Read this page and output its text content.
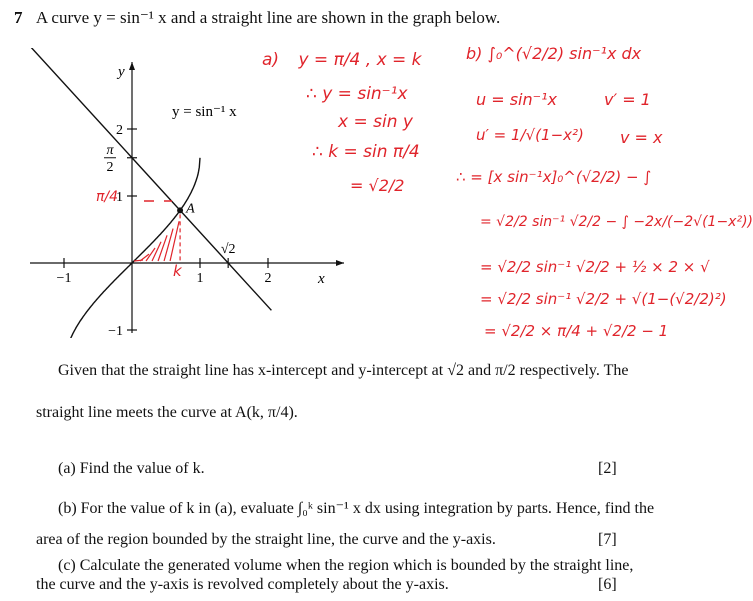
7 A curve y = sin⁻¹ x and a straight line are shown in the graph below.
2
π
2
1
−1
−1	1
√2
2
A
y = sin⁻¹ x
x
y
π/4
k
a) y = π/4 , x = k
∴ y = sin⁻¹x
x = sin y
∴ k = sin π/4
= √2/2
b) ∫₀^(√2/2) sin⁻¹x dx
u = sin⁻¹x	v′ = 1
u′ = 1/√(1−x²) v = x
∴ = [x sin⁻¹x]₀^(√2/2) − ∫
= √2/2 sin⁻¹ √2/2 − ∫ −2x/(−2√(1−x²))
= √2/2 sin⁻¹ √2/2 + ½ × 2 × √
= √2/2 sin⁻¹ √2/2 + √(1−(√2/2)²)
= √2/2 × π/4 + √2/2 − 1
Given that the straight line has x-intercept and y-intercept at √2 and π/2 respectively. The
straight line meets the curve at A(k, π/4).
(a) Find the value of k.	[2]
(b) For the value of k in (a), evaluate ∫₀ᵏ sin⁻¹ x dx using integration by parts. Hence, find the
area of the region bounded by the straight line, the curve and the y-axis.	[7]
(c) Calculate the generated volume when the region which is bounded by the straight line,
the curve and the y-axis is revolved completely about the y-axis.	[6]
